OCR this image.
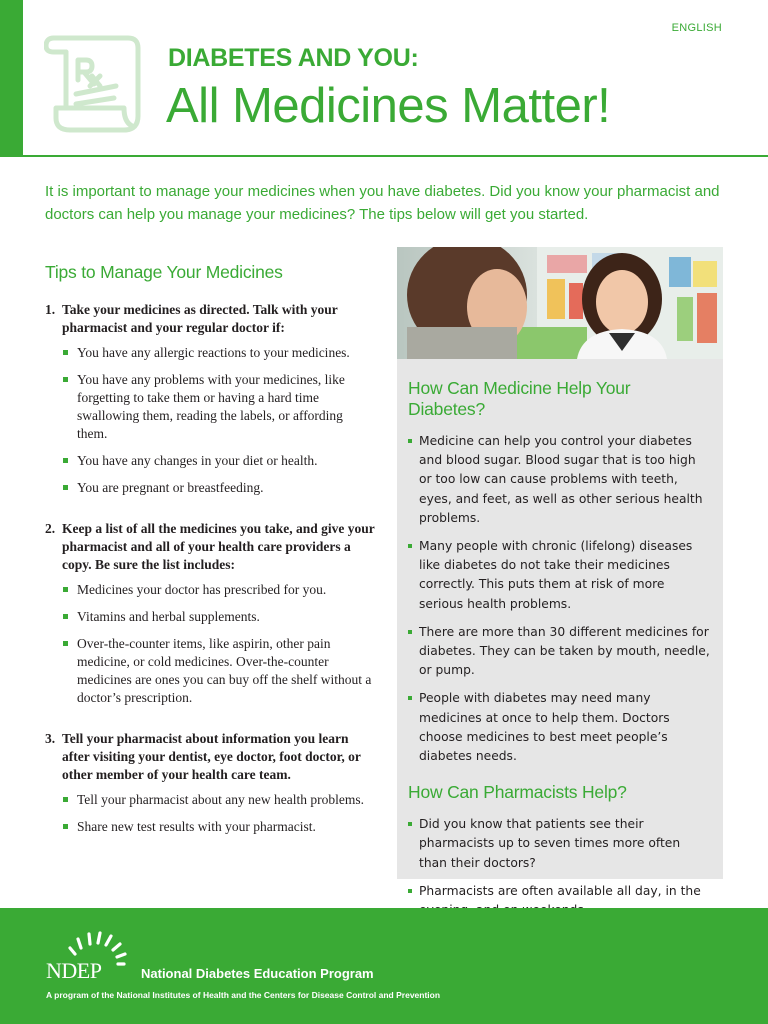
ENGLISH
DIABETES AND YOU:
All Medicines Matter!

It is important to manage your medicines when you have diabetes. Did you know your pharmacist and doctors can help you manage your medicines? The tips below will get you started.

Tips to Manage Your Medicines
1. Take your medicines as directed. Talk with your pharmacist and your regular doctor if:
You have any allergic reactions to your medicines.
You have any problems with your medicines, like forgetting to take them or having a hard time swallowing them, reading the labels, or affording them.
You have any changes in your diet or health.
You are pregnant or breastfeeding.
2. Keep a list of all the medicines you take, and give your pharmacist and all of your health care providers a copy. Be sure the list includes:
Medicines your doctor has prescribed for you.
Vitamins and herbal supplements.
Over-the-counter items, like aspirin, other pain medicine, or cold medicines. Over-the-counter medicines are ones you can buy off the shelf without a doctor’s prescription.
3. Tell your pharmacist about information you learn after visiting your dentist, eye doctor, foot doctor, or other member of your health care team.
Tell your pharmacist about any new health problems.
Share new test results with your pharmacist.
How Can Medicine Help Your Diabetes?
Medicine can help you control your diabetes and blood sugar. Blood sugar that is too high or too low can cause problems with teeth, eyes, and feet, as well as other serious health problems.
Many people with chronic (lifelong) diseases like diabetes do not take their medicines correctly. This puts them at risk of more serious health problems.
There are more than 30 different medicines for diabetes. They can be taken by mouth, needle, or pump.
People with diabetes may need many medicines at once to help them. Doctors choose medicines to best meet people’s diabetes needs.
How Can Pharmacists Help?
Did you know that patients see their pharmacists up to seven times more often than their doctors?
Pharmacists are often available all day, in the
NDEP	National Diabetes Education Program
A program of the National Institutes of Health and the Centers for Disease Control and Prevention
